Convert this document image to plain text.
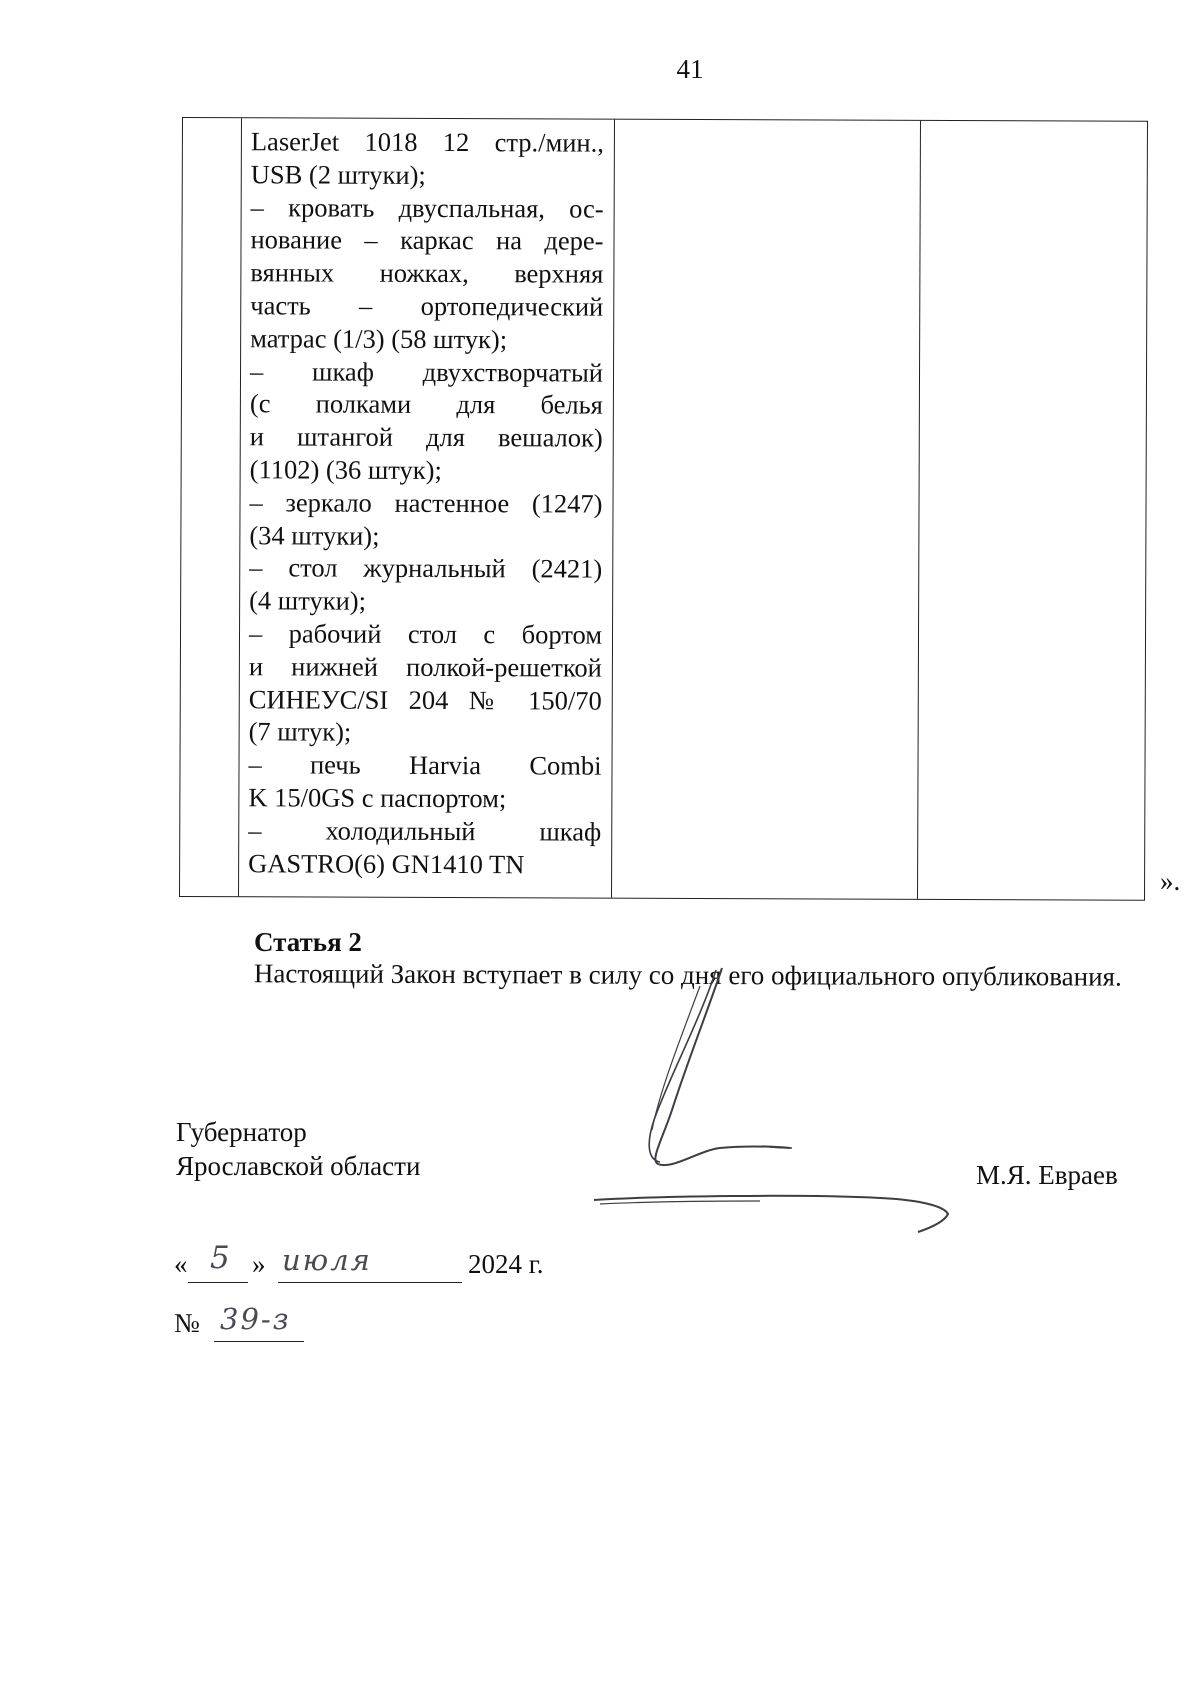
41
LaserJet 1018 12 стр./мин.,
USB (2 штуки);
– кровать двуспальная, ос-
нование – каркас на дере-
вянных ножках, верхняя
часть – ортопедический
матрас (1/3) (58 штук);
– шкаф двухстворчатый
(с полками для белья
и штангой для вешалок)
(1102) (36 штук);
– зеркало настенное (1247)
(34 штуки);
– стол журнальный (2421)
(4 штуки);
– рабочий стол с бортом
и нижней полкой-решеткой
СИНЕУС/SI 204 № 150/70
(7 штук);
– печь Harvia Combi
K 15/0GS с паспортом;
– холодильный шкаф
GASTRO(6) GN1410 TN
».
Статья 2
Настоящий Закон вступает в силу со дня его официального опубликования.
Губернатор
Ярославской области	М.Я. Евраев
« 5 » июля	2024 г.
№ 39-з
